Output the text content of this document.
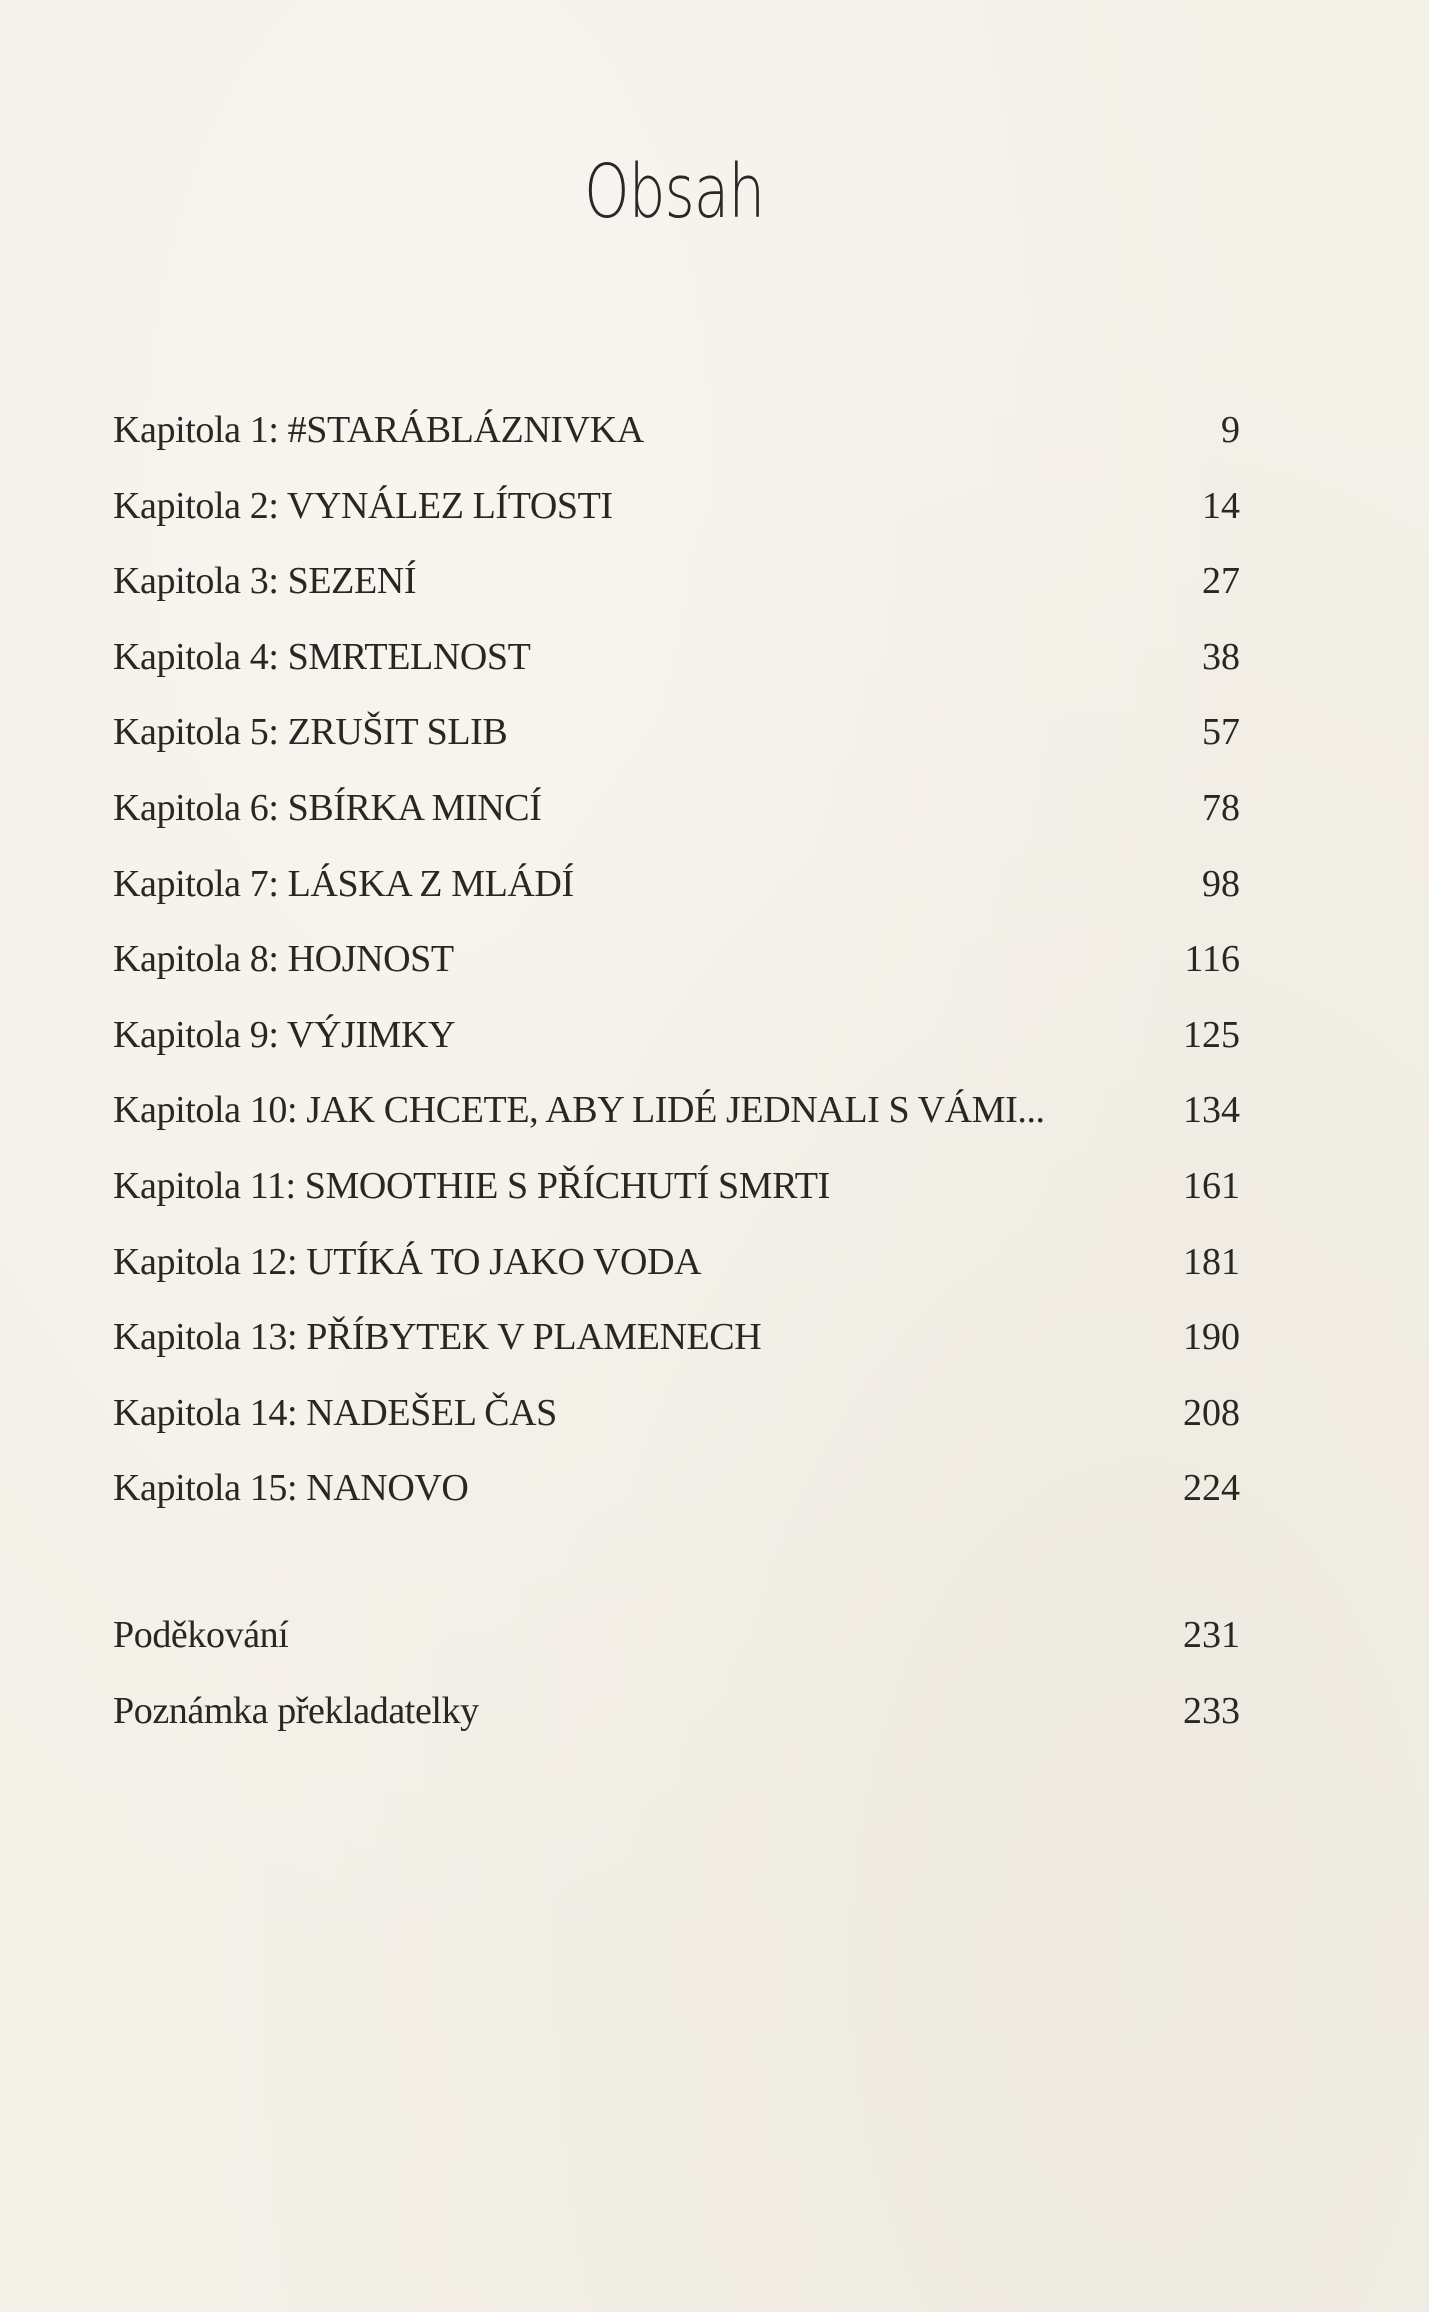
Obsah
Kapitola 1: #STARÁBLÁZNIVKA	9
Kapitola 2: VYNÁLEZ LÍTOSTI	14
Kapitola 3: SEZENÍ	27
Kapitola 4: SMRTELNOST	38
Kapitola 5: ZRUŠIT SLIB	57
Kapitola 6: SBÍRKA MINCÍ	78
Kapitola 7: LÁSKA Z MLÁDÍ	98
Kapitola 8: HOJNOST	116
Kapitola 9: VÝJIMKY	125
Kapitola 10: JAK CHCETE, ABY LIDÉ JEDNALI S VÁMI...	134
Kapitola 11: SMOOTHIE S PŘÍCHUTÍ SMRTI	161
Kapitola 12: UTÍKÁ TO JAKO VODA	181
Kapitola 13: PŘÍBYTEK V PLAMENECH	190
Kapitola 14: NADEŠEL ČAS	208
Kapitola 15: NANOVO	224
Poděkování	231
Poznámka překladatelky	233
